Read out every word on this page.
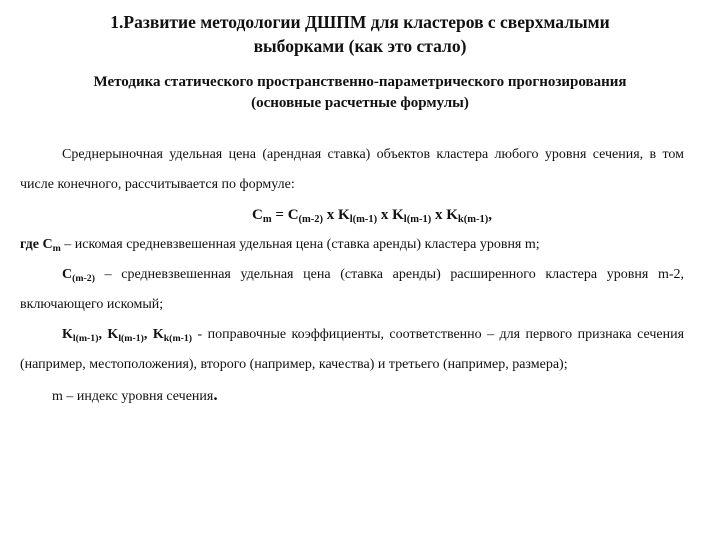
1.Развитие методологии ДШПМ для кластеров с сверхмалыми
выборками (как это стало)
Методика статического пространственно-параметрического прогнозирования
(основные расчетные формулы)

Среднерыночная удельная цена (арендная ставка) объектов кластера любого уровня сечения, в том числе конечного, рассчитывается по формуле:

$C_m = C_{(m-2)}$ x $K_{l(m-1)}$ x $K_{l(m-1)}$ x $K_{k(m-1)}$,

где $C_m$ – искомая средневзвешенная удельная цена (ставка аренды) кластера уровня m;

$C_{(m-2)}$ – средневзвешенная удельная цена (ставка аренды) расширенного кластера уровня m-2, включающего искомый;

$K_{l(m-1)}$, $K_{l(m-1)}$, $K_{k(m-1)}$ - поправочные коэффициенты, соответственно – для первого признака сечения (например, местоположения), второго (например, качества) и третьего (например, размера);

m – индекс уровня сечения.
